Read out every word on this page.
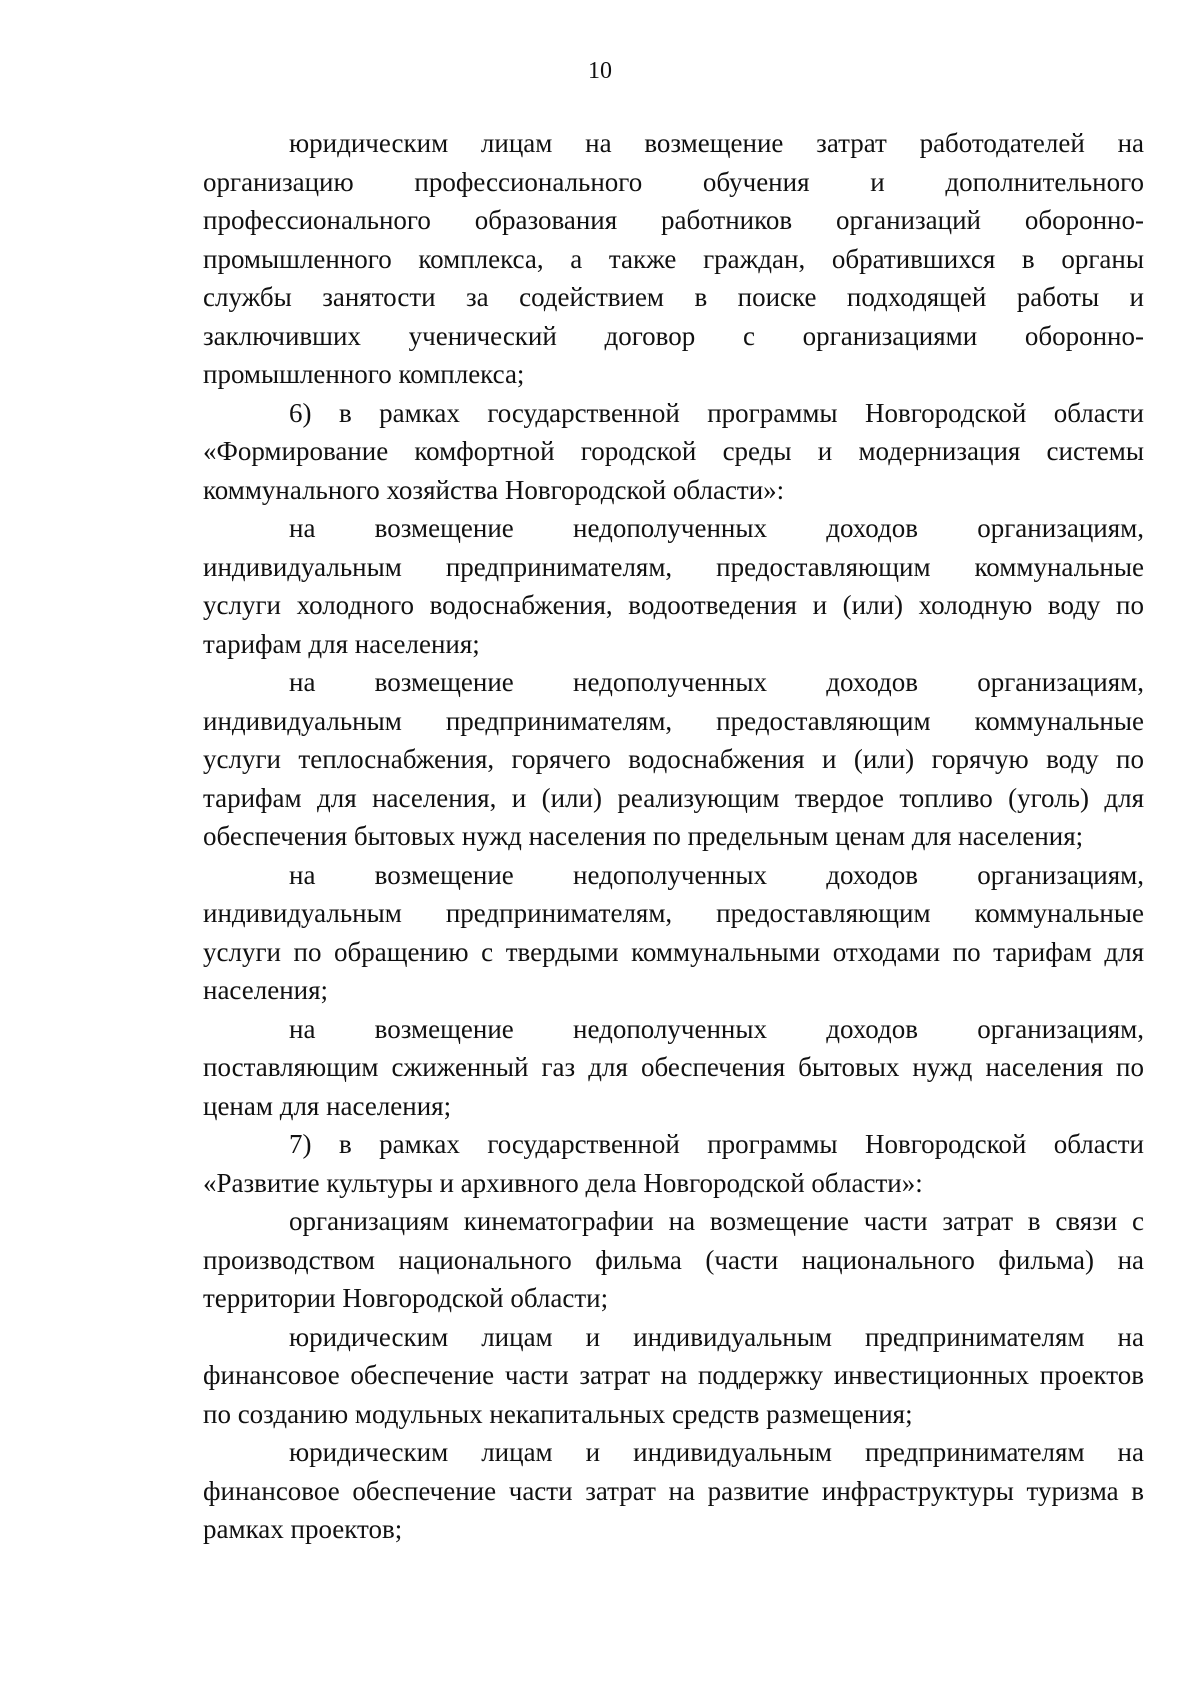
10

юридическим лицам на возмещение затрат работодателей на
организацию профессионального обучения и дополнительного
профессионального образования работников организаций оборонно-
промышленного комплекса, а также граждан, обратившихся в органы
службы занятости за содействием в поиске подходящей работы и
заключивших ученический договор с организациями оборонно-
промышленного комплекса;

6) в рамках государственной программы Новгородской области
«Формирование комфортной городской среды и модернизация системы
коммунального хозяйства Новгородской области»:

на возмещение недополученных доходов организациям,
индивидуальным предпринимателям, предоставляющим коммунальные
услуги холодного водоснабжения, водоотведения и (или) холодную воду по
тарифам для населения;

на возмещение недополученных доходов организациям,
индивидуальным предпринимателям, предоставляющим коммунальные
услуги теплоснабжения, горячего водоснабжения и (или) горячую воду по
тарифам для населения, и (или) реализующим твердое топливо (уголь) для
обеспечения бытовых нужд населения по предельным ценам для населения;

на возмещение недополученных доходов организациям,
индивидуальным предпринимателям, предоставляющим коммунальные
услуги по обращению с твердыми коммунальными отходами по тарифам для
населения;

на возмещение недополученных доходов организациям,
поставляющим сжиженный газ для обеспечения бытовых нужд населения по
ценам для населения;

7) в рамках государственной программы Новгородской области
«Развитие культуры и архивного дела Новгородской области»:

организациям кинематографии на возмещение части затрат в связи с
производством национального фильма (части национального фильма) на
территории Новгородской области;

юридическим лицам и индивидуальным предпринимателям на
финансовое обеспечение части затрат на поддержку инвестиционных проектов
по созданию модульных некапитальных средств размещения;

юридическим лицам и индивидуальным предпринимателям на
финансовое обеспечение части затрат на развитие инфраструктуры туризма в
рамках проектов;
